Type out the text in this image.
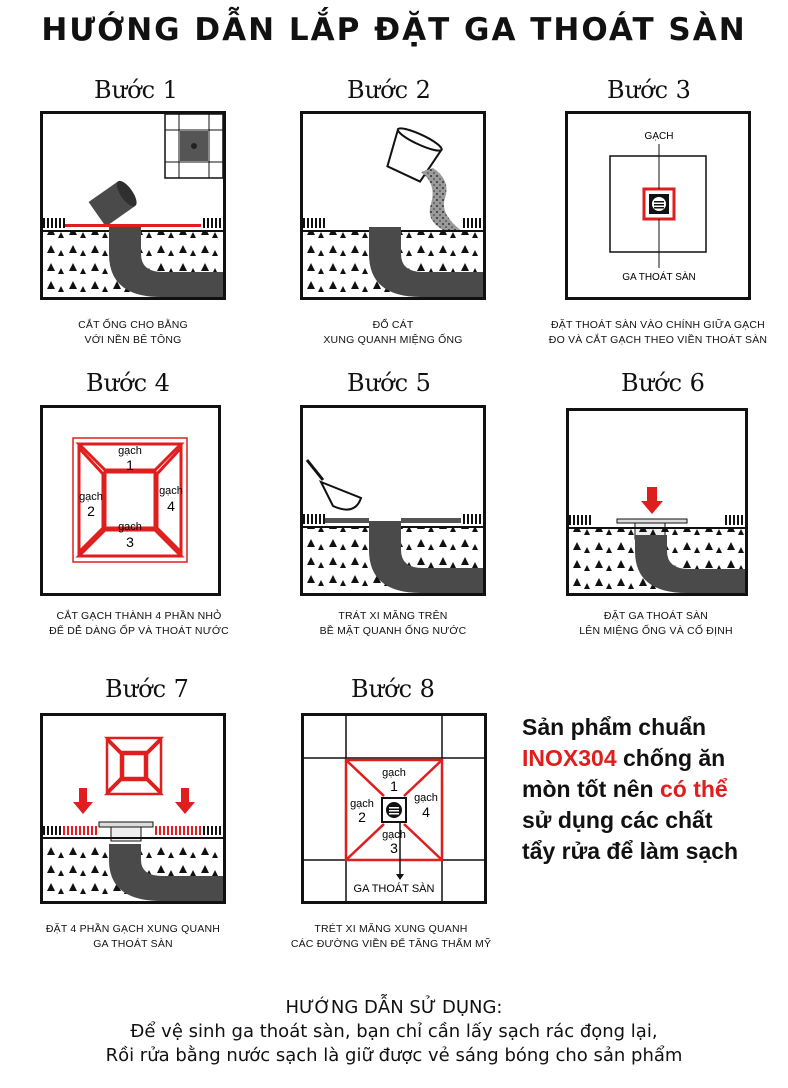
HƯỚNG DẪN LẮP ĐẶT GA THOÁT SÀN
Bước 1
CẮT ỐNG CHO BẰNG
VỚI NỀN BÊ TÔNG
Bước 2
ĐỔ CÁT
XUNG QUANH MIỆNG ỐNG
Bước 3
GẠCH
GA THOÁT SÀN
ĐẶT THOÁT SÀN VÀO CHÍNH GIỮA GẠCH
ĐO VÀ CẮT GẠCH THEO VIỀN THOÁT SÀN
Bước 4
gạch
1
gạch
2
gạch
4
gạch
3
CẮT GẠCH THÀNH 4 PHẦN NHỎ
ĐỂ DỄ DÀNG ỐP VÀ THOÁT NƯỚC
Bước 5
TRÁT XI MĂNG TRÊN
BỀ MẶT QUANH ỐNG NƯỚC
Bước 6
ĐẶT GA THOÁT SÀN
LÊN MIỆNG ỐNG VÀ CỐ ĐỊNH
Bước 7
ĐẶT 4 PHẦN GẠCH XUNG QUANH
GA THOÁT SÀN
Bước 8
gạch
1
gạch
2
gạch
4
gạch
3
GA THOÁT SÀN
TRÉT XI MĂNG XUNG QUANH
CÁC ĐƯỜNG VIỀN ĐỂ TĂNG THẨM MỸ
Sản phẩm chuẩn
INOX304 chống ăn
mòn tốt nên có thể
sử dụng các chất
tẩy rửa để làm sạch
HƯỚNG DẪN SỬ DỤNG:
Để vệ sinh ga thoát sàn, bạn chỉ cần lấy sạch rác đọng lại,
Rồi rửa bằng nước sạch là giữ được vẻ sáng bóng cho sản phẩm
